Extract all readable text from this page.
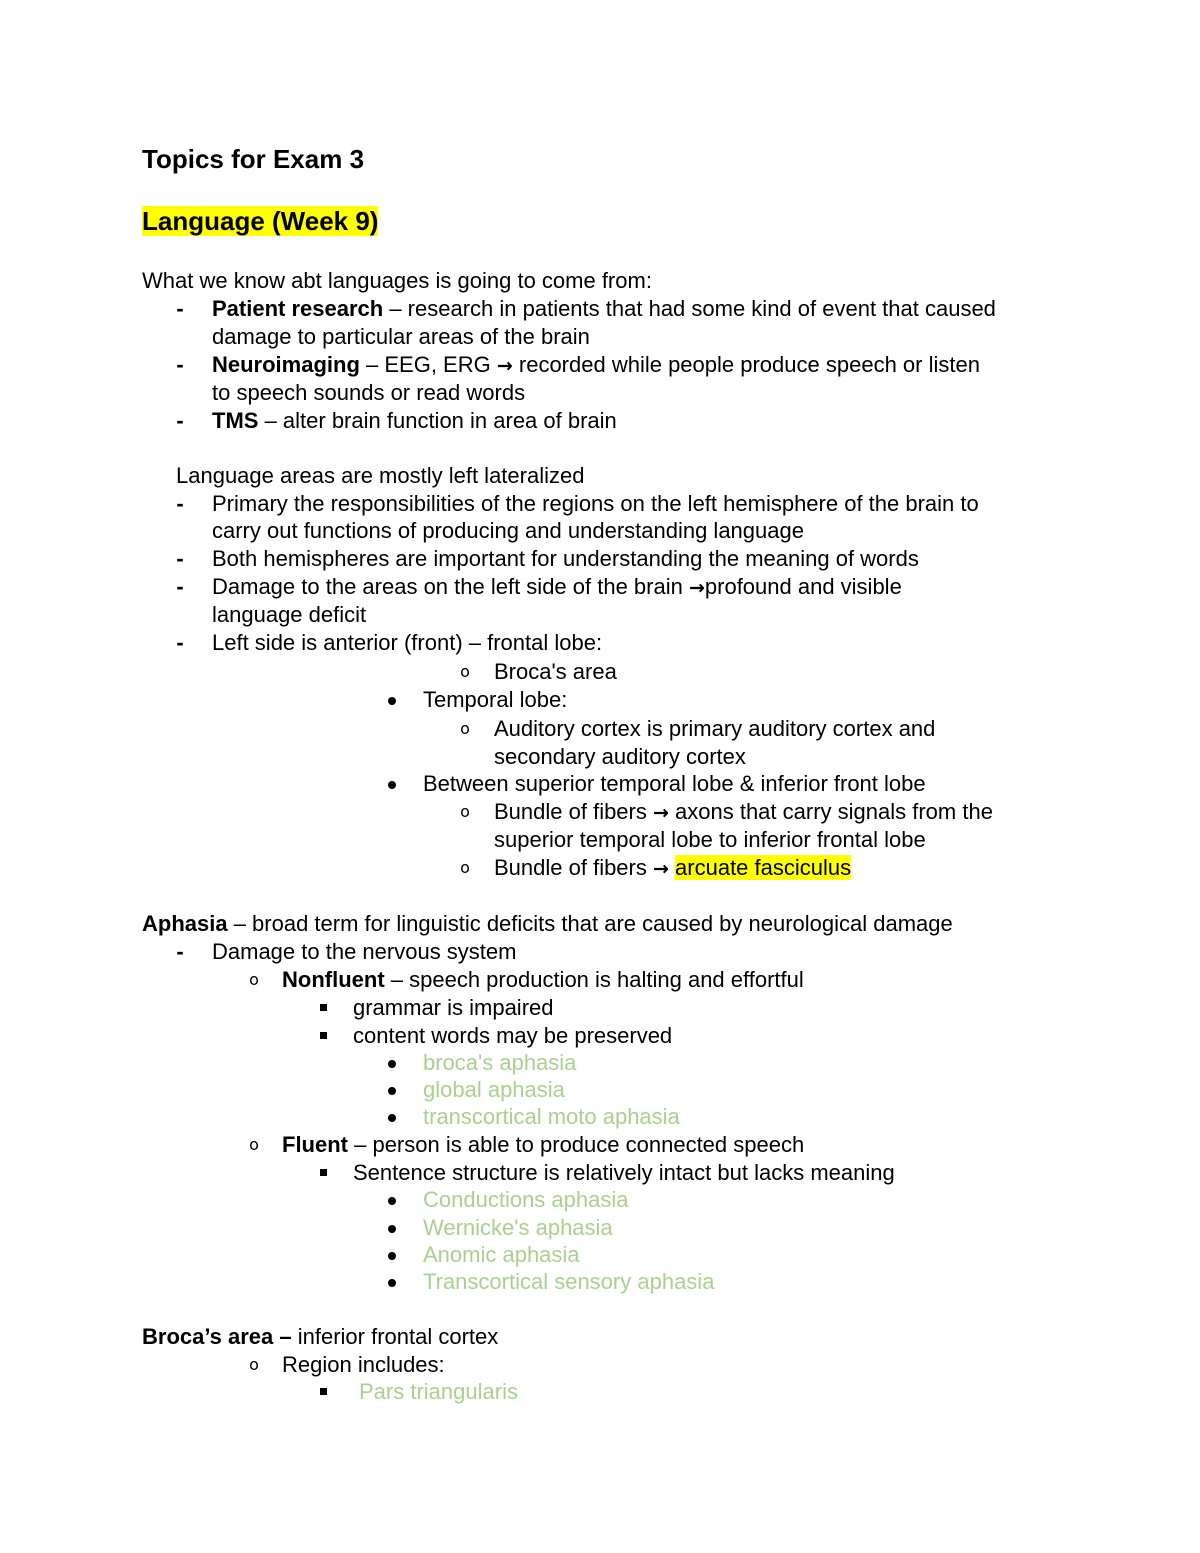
Topics for Exam 3
Language (Week 9)
What we know abt languages is going to come from:
- Patient research – research in patients that had some kind of event that caused
damage to particular areas of the brain
- Neuroimaging – EEG, ERG → recorded while people produce speech or listen
to speech sounds or read words
- TMS – alter brain function in area of brain
Language areas are mostly left lateralized
- Primary the responsibilities of the regions on the left hemisphere of the brain to
carry out functions of producing and understanding language
- Both hemispheres are important for understanding the meaning of words
- Damage to the areas on the left side of the brain →profound and visible
language deficit
- Left side is anterior (front) – frontal lobe:
o Broca's area
Temporal lobe:
o Auditory cortex is primary auditory cortex and
secondary auditory cortex
Between superior temporal lobe & inferior front lobe
o Bundle of fibers → axons that carry signals from the
superior temporal lobe to inferior frontal lobe
o Bundle of fibers → arcuate fasciculus
Aphasia – broad term for linguistic deficits that are caused by neurological damage
- Damage to the nervous system
o Nonfluent – speech production is halting and effortful
grammar is impaired
content words may be preserved
broca's aphasia
global aphasia
transcortical moto aphasia
o Fluent – person is able to produce connected speech
Sentence structure is relatively intact but lacks meaning
Conductions aphasia
Wernicke's aphasia
Anomic aphasia
Transcortical sensory aphasia
Broca’s area – inferior frontal cortex
o Region includes:
Pars triangularis
